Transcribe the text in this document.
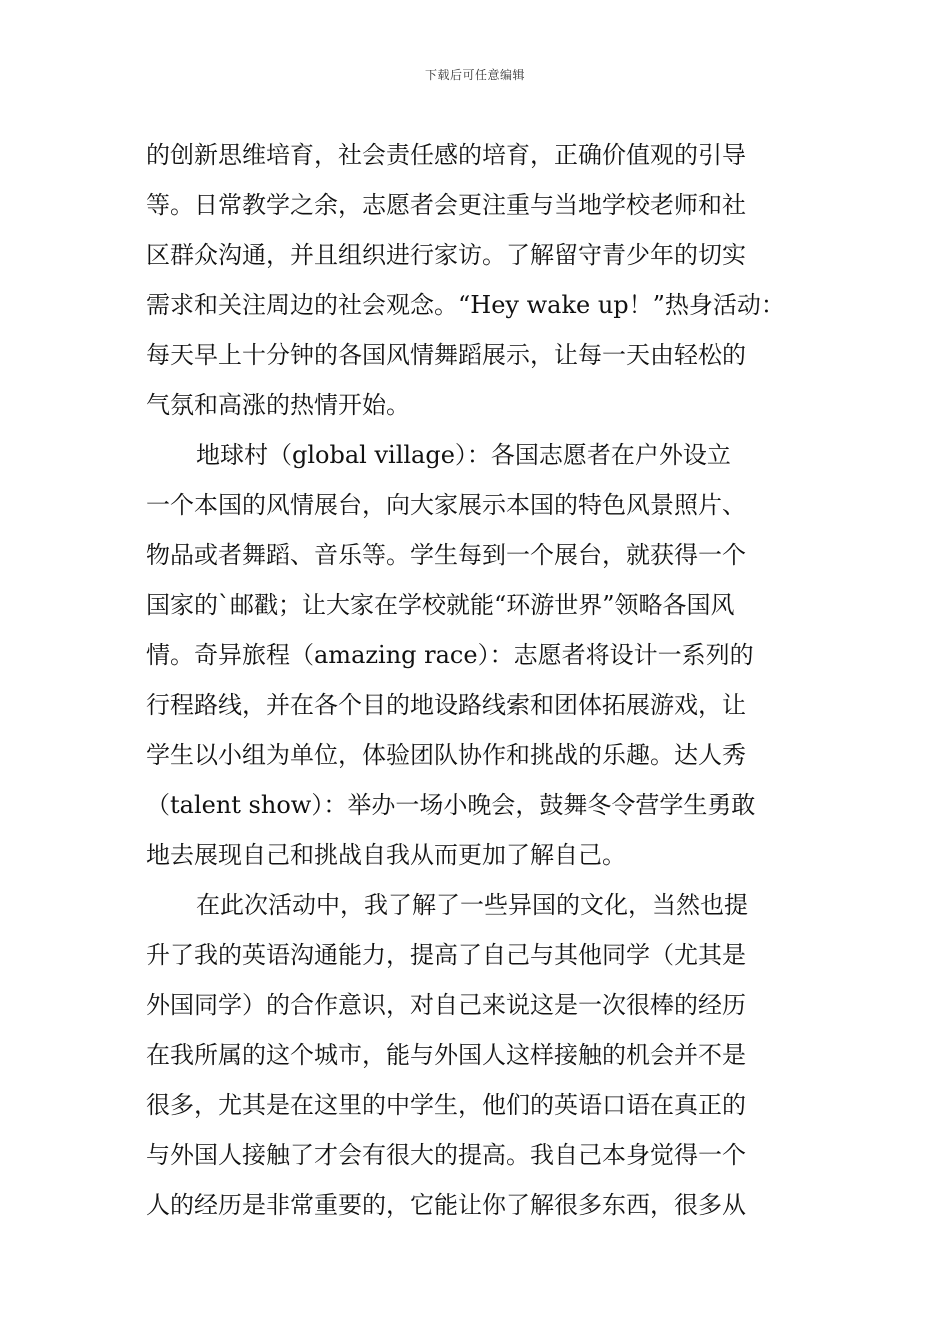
下载后可任意编辑
的创新思维培育，社会责任感的培育，正确价值观的引导
等。日常教学之余，志愿者会更注重与当地学校老师和社
区群众沟通，并且组织进行家访。了解留守青少年的切实
需求和关注周边的社会观念。“Hey wake up！”热身活动：
每天早上十分钟的各国风情舞蹈展示，让每一天由轻松的
气氛和高涨的热情开始。
地球村（global village）：各国志愿者在户外设立
一个本国的风情展台，向大家展示本国的特色风景照片、
物品或者舞蹈、音乐等。学生每到一个展台，就获得一个
国家的`邮戳；让大家在学校就能“环游世界”领略各国风
情。奇异旅程（amazing race）：志愿者将设计一系列的
行程路线，并在各个目的地设路线索和团体拓展游戏，让
学生以小组为单位，体验团队协作和挑战的乐趣。达人秀
（talent show）：举办一场小晚会，鼓舞冬令营学生勇敢
地去展现自己和挑战自我从而更加了解自己。
在此次活动中，我了解了一些异国的文化，当然也提
升了我的英语沟通能力，提高了自己与其他同学（尤其是
外国同学）的合作意识，对自己来说这是一次很棒的经历
在我所属的这个城市，能与外国人这样接触的机会并不是
很多，尤其是在这里的中学生，他们的英语口语在真正的
与外国人接触了才会有很大的提高。我自己本身觉得一个
人的经历是非常重要的，它能让你了解很多东西，很多从
